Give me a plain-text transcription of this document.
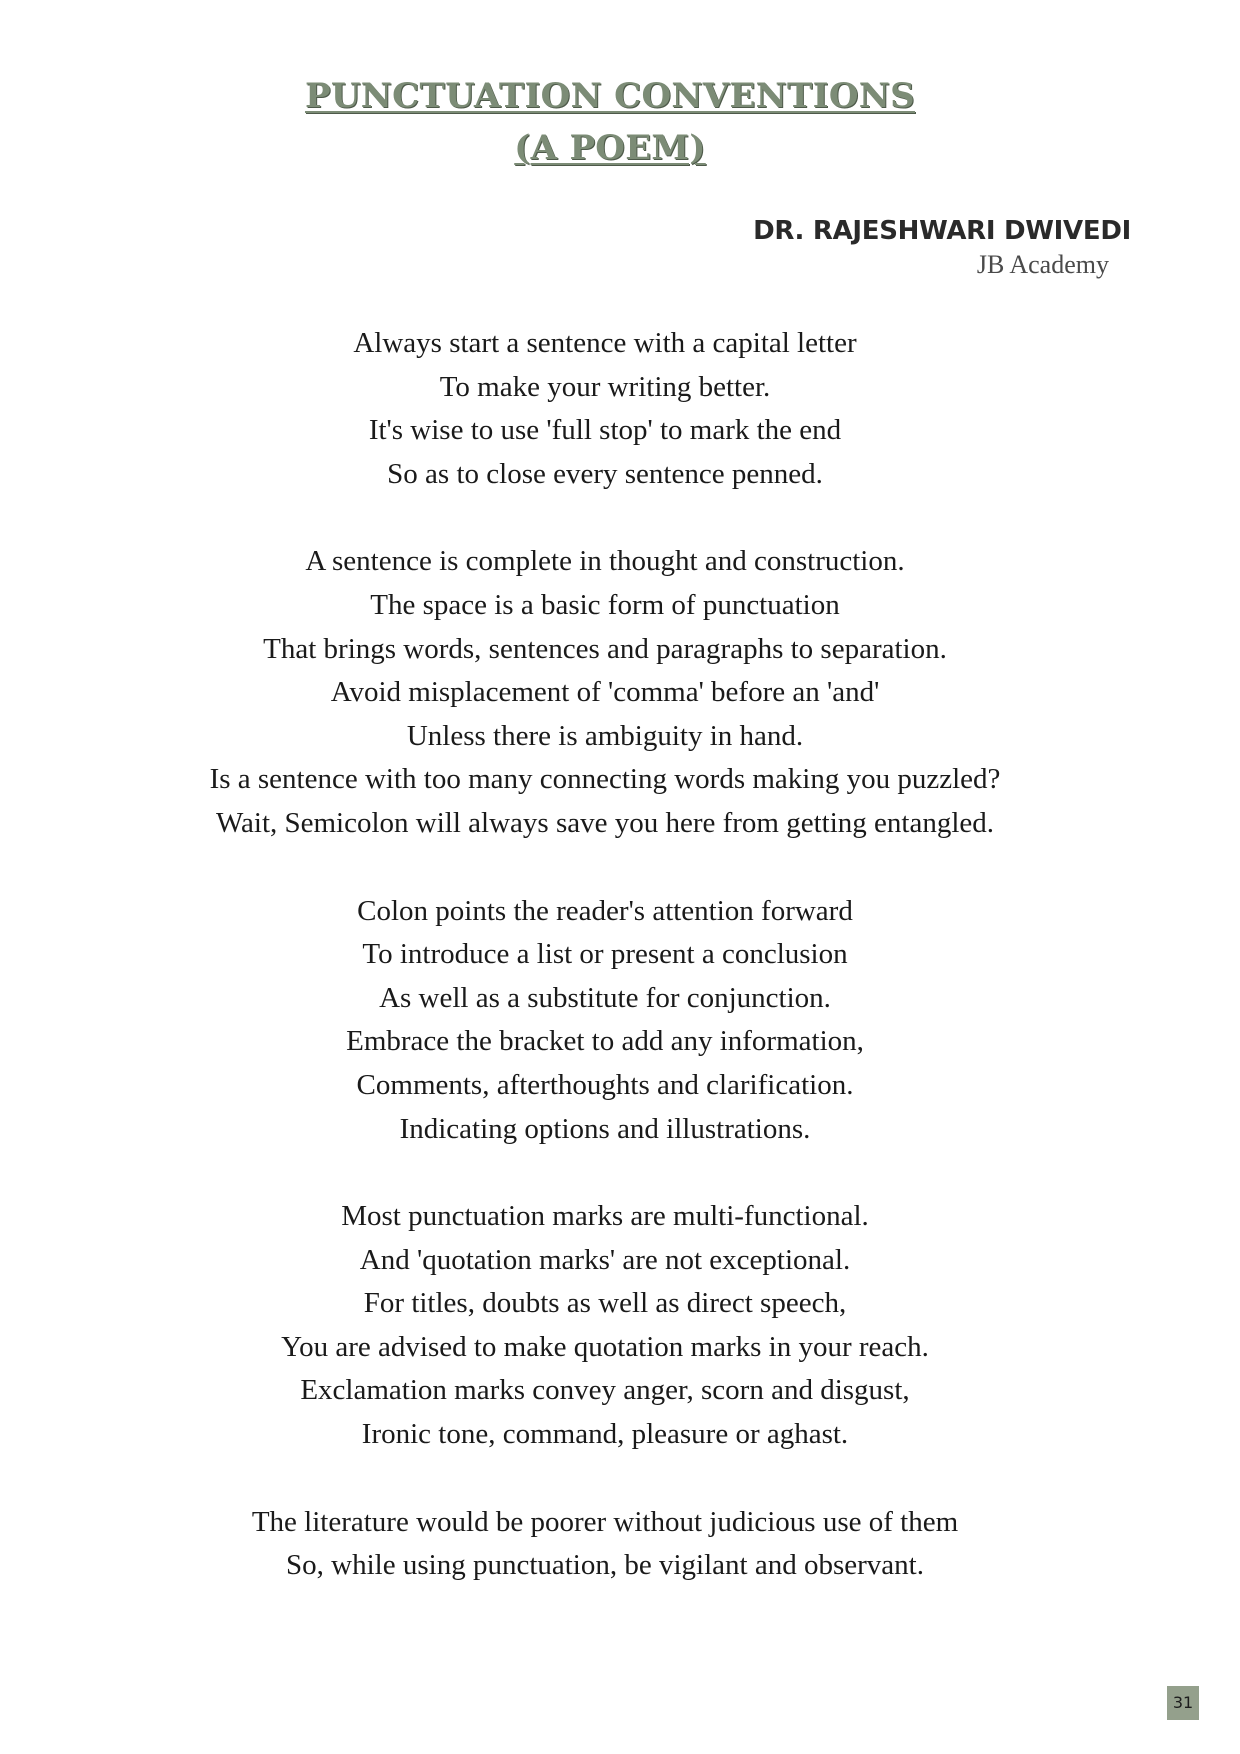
PUNCTUATION CONVENTIONS
(A POEM)
DR. RAJESHWARI DWIVEDI
JB Academy
Always start a sentence with a capital letter
To make your writing better.
It's wise to use 'full stop' to mark the end
So as to close every sentence penned.
A sentence is complete in thought and construction.
The space is a basic form of punctuation
That brings words, sentences and paragraphs to separation.
Avoid misplacement of 'comma' before an 'and'
Unless there is ambiguity in hand.
Is a sentence with too many connecting words making you puzzled?
Wait, Semicolon will always save you here from getting entangled.
Colon points the reader's attention forward
To introduce a list or present a conclusion
As well as a substitute for conjunction.
Embrace the bracket to add any information,
Comments, afterthoughts and clarification.
Indicating options and illustrations.
Most punctuation marks are multi-functional.
And 'quotation marks' are not exceptional.
For titles, doubts as well as direct speech,
You are advised to make quotation marks in your reach.
Exclamation marks convey anger, scorn and disgust,
Ironic tone, command, pleasure or aghast.
The literature would be poorer without judicious use of them
So, while using punctuation, be vigilant and observant.
31
